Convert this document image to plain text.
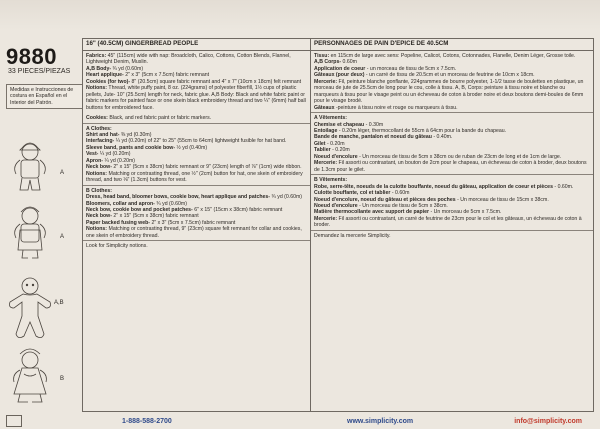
9880
33 PIECES/PIEZAS
Medidas e Instrucciones de costura en Español en el Interior del Patrón.
A
A
A,B
B
16" (40.5CM) GINGERBREAD PEOPLE
Fabrics: 45" (115cm) wide with nap: Broadcloth, Calico, Cottons, Cotton Blends, Flannel, Lightweight Denim, Muslin.
A,B Body- ¾ yd (0.60m)
Heart applique- 2" x 3" (5cm x 7.5cm) fabric remnant
Cookies (for two)- 8" (20.5cm) square fabric remnant and 4" x 7" (10cm x 18cm) felt remnant
Notions: Thread, white puffy paint, 8 oz. (224grams) of polyester fiberfill, 1½ cups of plastic pellets, Jute- 10" (25.5cm) length for neck, fabric glue. A,B Body: Black and white fabric paint or fabric markers for painted face or one skein black embroidery thread and two ¼" (6mm) half ball buttons for embroidered face.
Cookies: Black, and red fabric paint or fabric markers.
A Clothes:
Shirt and hat- ⅜ yd (0.30m)
Interfacing- ¼ yd (0.20m) of 22" to 25" (55cm to 64cm) lightweight fusible for hat band.
Sleeve band, pants and cookie bow- ½ yd (0.40m)
Vest- ¼ yd (0.20m)
Apron- ¼ yd (0.20m)
Neck bow- 2" x 15" (5cm x 38cm) fabric remnant or 9" (23cm) length of ⅞" (1cm) wide ribbon.
Notions: Matching or contrasting thread, one ½" (2cm) button for hat, one skein of embroidery thread, and two ⅛" (1.3cm) buttons for vest.
B Clothes:
Dress, head band, bloomer bows, cookie bow, heart applique and patches- ¾ yd (0.60m)
Bloomers, collar and apron- ¾ yd (0.60m)
Neck bow, cookie bow and pocket patches- 6" x 15" (15cm x 38cm) fabric remnant
Neck bow- 2" x 15" (5cm x 38cm) fabric remnant
Paper backed fusing web- 2" x 3" (5cm x 7.5cm) fabric remnant
Notions: Matching or contrasting thread, 9" (23cm) square felt remnant for collar and cookies, one skein of embroidery thread.
Look for Simplicity notions.
PERSONNAGES DE PAIN D'EPICE DE 40.5CM
Tissu: en 115cm de large avec sens: Popeline, Calicot, Cotons, Cotonnades, Flanelle, Denim Léger, Grosse toile.
A,B Corps- 0.60m
Application de coeur - un morceau de tissu de 5cm x 7.5cm.
Gâteaux (pour deux) - un carré de tissu de 20.5cm et un morceau de feutrine de 10cm x 18cm.
Mercerie: Fil, peinture blanche gonflante, 224grammes de bourre polyester, 1-1/2 tasse de boulettes en plastique, un morceau de jute de 25.5cm de long pour le cou, colle à tissu. A, B, Corps: peinture à tissu noire et blanche ou marqueurs à tissu pour le visage peint ou un écheveau de coton à broder noire et deux boutons demi-boules de 6mm pour le visage brodé.
Gâteaux -peinture à tissu noire et rouge ou marqueurs à tissu.
A Vêtements:
Chemise et chapeau - 0.30m
Entoilage - 0.20m léger, thermocollant de 55cm à 64cm pour la bande du chapeau.
Bande de manche, pantalon et noeud du gâteau - 0.40m.
Gilet - 0.20m
Tablier - 0.20m
Noeud d'encolure - Un morceau de tissu de 5cm x 38cm ou de ruban de 23cm de long et de 1cm de large.
Mercerie: Fil assorti ou contrastant, un bouton de 2cm pour le chapeau, un écheveau de coton à broder, deux boutons de 1.3cm pour le gilet.
B Vêtements:
Robe, serre-tête, noeuds de la culotte bouffante, noeud du gâteau, application de coeur et pièces - 0.60m.
Culotte bouffante, col et tablier - 0.60m
Noeud d'encolure, noeud du gâteau et pièces des poches - Un morceau de tissu de 15cm x 38cm.
Noeud d'encolure - Un morceau de tissu de 5cm x 38cm.
Matière thermocollante avec support de papier - Un morceau de 5cm x 7.5cm.
Mercerie: Fil assorti ou contrastant, un carré de feutrine de 23cm pour le col et les gâteaux, un écheveau de coton à broder.
Demandez la mercerie Simplicity.
1-888-588-2700	www.simplicity.com	info@simplicity.com
